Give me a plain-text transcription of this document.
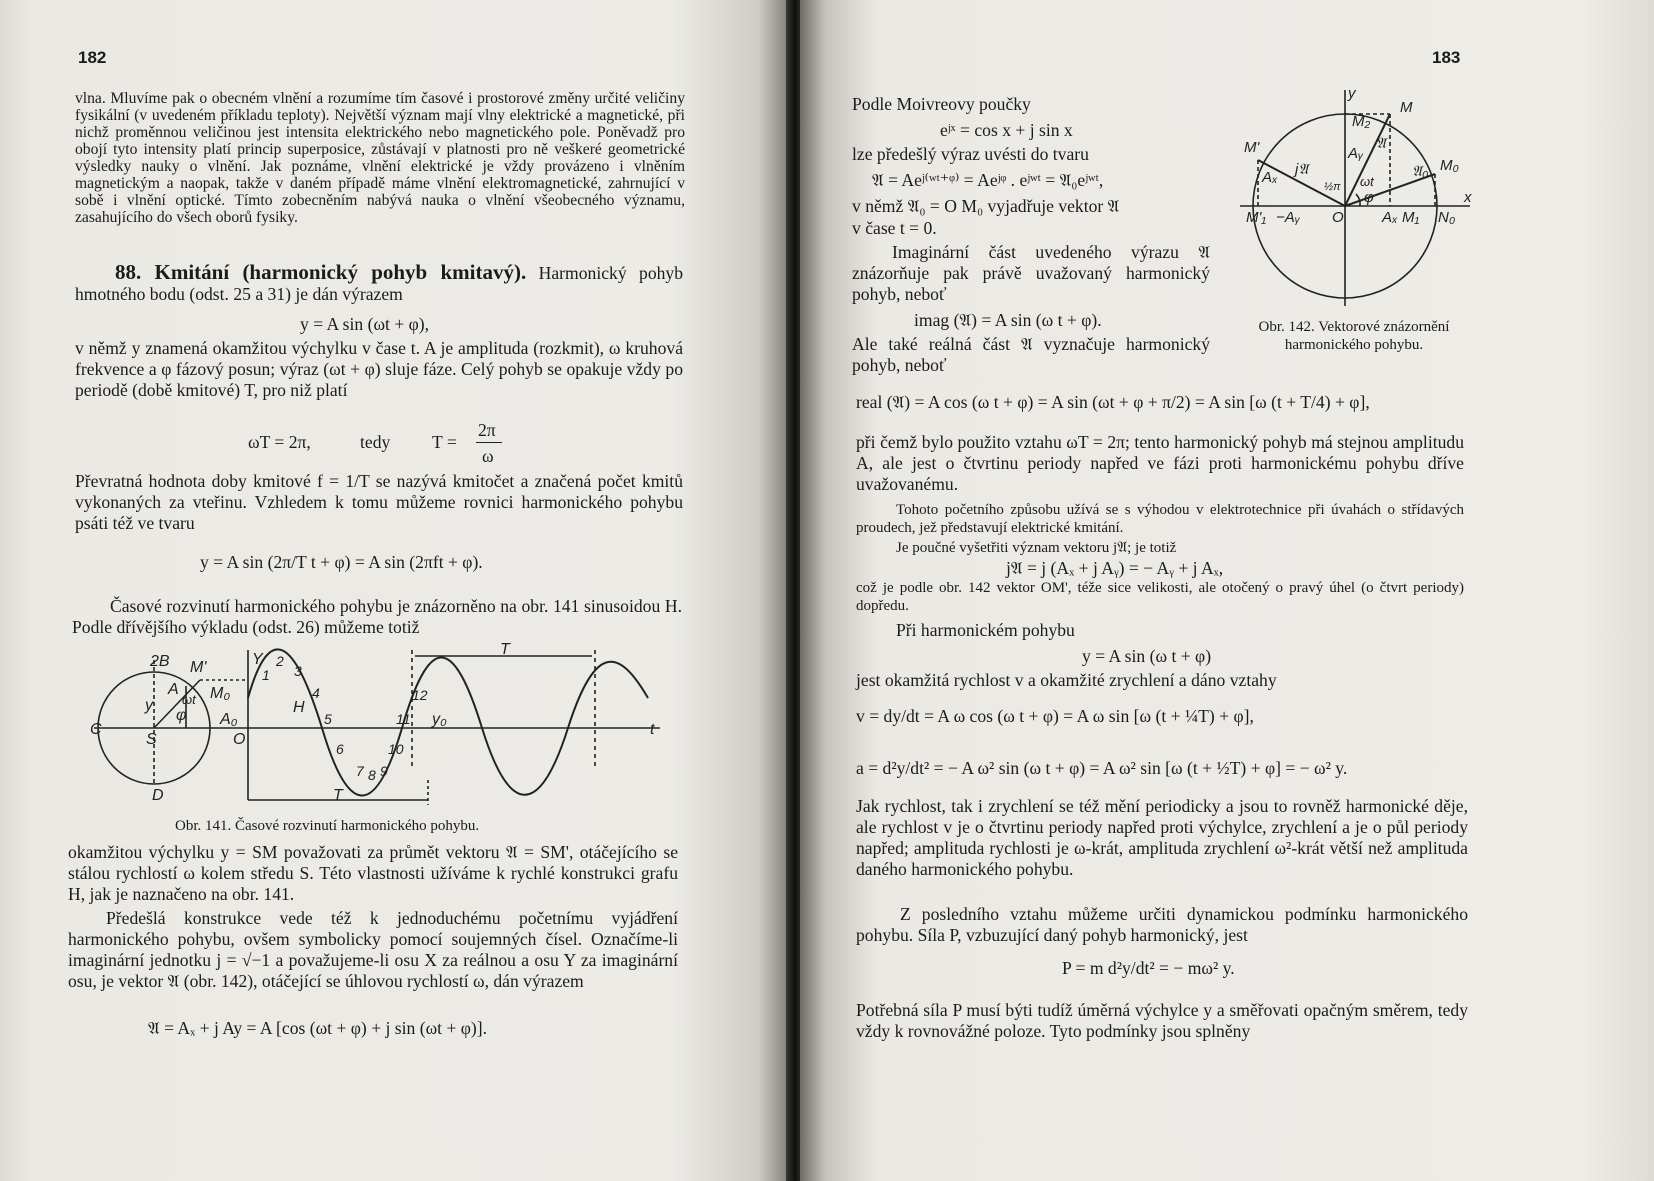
182
vlna. Mluvíme pak o obecném vlnění a rozumíme tím časové i prostorové změny určité veličiny fysikální (v uvedeném příkladu teploty). Největší význam mají vlny elektrické a magnetické, při nichž proměnnou veličinou jest intensita elektrického nebo magnetického pole. Poněvadž pro obojí tyto intensity platí princip superposice, zůstávají v platnosti pro ně veškeré geometrické výsledky nauky o vlnění. Jak poznáme, vlnění elektrické je vždy provázeno i vlněním magnetickým a naopak, takže v daném případě máme vlnění elektromagnetické, zahrnující v sobě i vlnění optické. Tímto zobecněním nabývá nauka o vlnění všeobecného významu, zasahujícího do všech oborů fysiky.
88. Kmitání (harmonický pohyb kmitavý). Harmonický pohyb hmotného bodu (odst. 25 a 31) je dán výrazem
y = A sin (ωt + φ),
v němž y znamená okamžitou výchylku v čase t. A je amplituda (rozkmit), ω kruhová frekvence a φ fázový posun; výraz (ωt + φ) sluje fáze. Celý pohyb se opakuje vždy po periodě (době kmitové) T, pro niž platí
ωT = 2π,	tedy T =
2π
ω
Převratná hodnota doby kmitové f = 1/T se nazývá kmitočet a značená počet kmitů vykonaných za vteřinu. Vzhledem k tomu můžeme rovnici harmonického pohybu psáti též ve tvaru
y = A sin (2π/T t + φ) = A sin (2πft + φ).
Časové rozvinutí harmonického pohybu je znázorněno na obr. 141 sinusoidou H. Podle dřívějšího výkladu (odst. 26) můžeme totiž
2B M'
M₀
A₀
C
S
D
O
Y
y	H
T
T
t
y₀
A
φ
ωt
1
2
3
4
5
6
7 8 9
10
11
12
Obr. 141. Časové rozvinutí harmonického pohybu.
okamžitou výchylku y = SM považovati za průmět vektoru 𝔄 = SM', otáčejícího se stálou rychlostí ω kolem středu S. Této vlastnosti užíváme k rychlé konstrukci grafu H, jak je naznačeno na obr. 141.
Předešlá konstrukce vede též k jednoduchému početnímu vyjádření harmonického pohybu, ovšem symbolicky pomocí soujemných čísel. Označíme-li imaginární jednotku j = √−1 a považujeme-li osu X za reálnou a osu Y za imaginární osu, je vektor 𝔄 (obr. 142), otáčející se úhlovou rychlostí ω, dán výrazem
𝔄 = Aₓ + j Ay = A [cos (ωt + φ) + j sin (ωt + φ)].
183
Podle Moivreovy poučky
eʲˣ = cos x + j sin x
lze předešlý výraz uvésti do tvaru
𝔄 = Aeʲ⁽ʷᵗ⁺ᵠ⁾ = Aeʲᵠ . eʲʷᵗ = 𝔄₀eʲʷᵗ,
v němž 𝔄₀ = O M₀ vyjadřuje vektor 𝔄
v čase t = 0.
Imaginární část uvedeného výrazu 𝔄 znázorňuje pak právě uvažovaný harmonický pohyb, neboť
imag (𝔄) = A sin (ω t + φ).
Ale také reálná část 𝔄 vyznačuje harmonický pohyb, neboť
y
M
M₂
M'
M₀
𝔄
𝔄₀
j𝔄
Aᵧ
Aₓ
x
O	Aₓ M₁
M'₁ −Aᵧ	N₀
φ
ωt
½π
Obr. 142. Vektorové znázornění harmonického pohybu.
real (𝔄) = A cos (ω t + φ) = A sin (ωt + φ + π/2) = A sin [ω (t + T/4) + φ],
při čemž bylo použito vztahu ωT = 2π; tento harmonický pohyb má stejnou amplitudu A, ale jest o čtvrtinu periody napřed ve fázi proti harmonickému pohybu dříve uvažovanému.
Tohoto početního způsobu užívá se s výhodou v elektrotechnice při úvahách o střídavých proudech, jež představují elektrické kmitání.
Je poučné vyšetřiti význam vektoru j𝔄; je totiž
j𝔄 = j (Aₓ + j Aᵧ) = − Aᵧ + j Aₓ,
což je podle obr. 142 vektor OM', téže sice velikosti, ale otočený o pravý úhel (o čtvrt periody) dopředu.
Při harmonickém pohybu
y = A sin (ω t + φ)
jest okamžitá rychlost v a okamžité zrychlení a dáno vztahy
v = dy/dt = A ω cos (ω t + φ) = A ω sin [ω (t + ¼T) + φ],
a = d²y/dt² = − A ω² sin (ω t + φ) = A ω² sin [ω (t + ½T) + φ] = − ω² y.
Jak rychlost, tak i zrychlení se též mění periodicky a jsou to rovněž harmonické děje, ale rychlost v je o čtvrtinu periody napřed proti výchylce, zrychlení a je o půl periody napřed; amplituda rychlosti je ω-krát, amplituda zrychlení ω²-krát větší než amplituda daného harmonického pohybu.
Z posledního vztahu můžeme určiti dynamickou podmínku harmonického pohybu. Síla P, vzbuzující daný pohyb harmonický, jest
P = m d²y/dt² = − mω² y.
Potřebná síla P musí býti tudíž úměrná výchylce y a směřovati opačným směrem, tedy vždy k rovnovážné poloze. Tyto podmínky jsou splněny
